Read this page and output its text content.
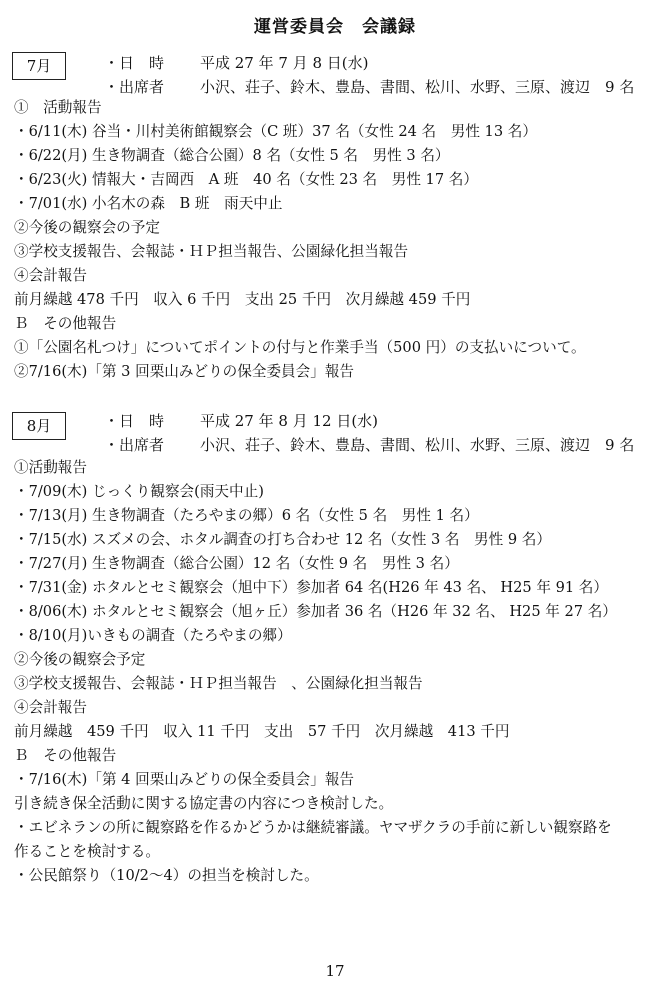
運営委員会　会議録
7月	・日　時 平成 27 年 7 月 8 日(水)
・出席者 小沢、荘子、鈴木、豊島、書間、松川、水野、三原、渡辺　9 名
①　活動報告
・6/11(木) 谷当・川村美術館観察会（C 班）37 名（女性 24 名　男性 13 名）
・6/22(月) 生き物調査（総合公園）8 名（女性 5 名　男性 3 名）
・6/23(火) 情報大・吉岡西　A 班　40 名（女性 23 名　男性 17 名）
・7/01(水) 小名木の森　B 班　雨天中止
②今後の観察会の予定
③学校支援報告、会報誌・ＨＰ担当報告、公園緑化担当報告
④会計報告
前月繰越 478 千円　収入 6 千円　支出 25 千円　次月繰越 459 千円
Ｂ　その他報告
①「公園名札つけ」についてポイントの付与と作業手当（500 円）の支払いについて。
②7/16(木)「第 3 回栗山みどりの保全委員会」報告
8月	・日　時 平成 27 年 8 月 12 日(水)
・出席者 小沢、荘子、鈴木、豊島、書間、松川、水野、三原、渡辺　9 名
①活動報告
・7/09(木) じっくり観察会(雨天中止)
・7/13(月) 生き物調査（たろやまの郷）6 名（女性 5 名　男性 1 名）
・7/15(水) スズメの会、ホタル調査の打ち合わせ 12 名（女性 3 名　男性 9 名）
・7/27(月) 生き物調査（総合公園）12 名（女性 9 名　男性 3 名）
・7/31(金) ホタルとセミ観察会（旭中下）参加者 64 名(H26 年 43 名、 H25 年 91 名）
・8/06(木) ホタルとセミ観察会（旭ヶ丘）参加者 36 名（H26 年 32 名、 H25 年 27 名）
・8/10(月)いきもの調査（たろやまの郷）
②今後の観察会予定
③学校支援報告、会報誌・ＨＰ担当報告　、公園緑化担当報告
④会計報告
前月繰越　459 千円　収入 11 千円　支出　57 千円　次月繰越　413 千円
Ｂ　その他報告
・7/16(木)「第 4 回栗山みどりの保全委員会」報告
引き続き保全活動に関する協定書の内容につき検討した。
・エビネランの所に観察路を作るかどうかは継続審議。ヤマザクラの手前に新しい観察路を
作ることを検討する。
・公民館祭り（10/2～4）の担当を検討した。
17
